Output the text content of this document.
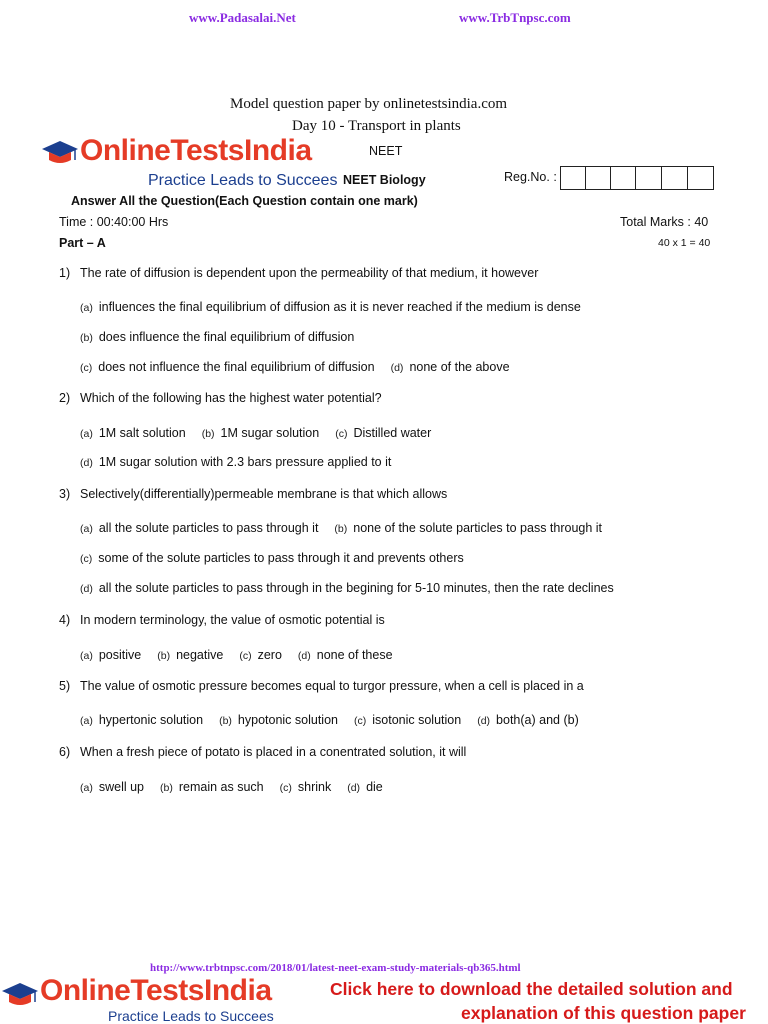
www.Padasalai.Net	www.TrbTnpsc.com
Model question paper by onlinetestsindia.com
Day 10 - Transport in plants
OnlineTestsIndia
Practice Leads to Succees
NEET
NEET Biology	Reg.No. :
Answer All the Question(Each Question contain one mark)
Time : 00:40:00 Hrs	Total Marks : 40
Part – A	40 x 1 = 40
1) The rate of diffusion is dependent upon the permeability of that medium, it however
(a) influences the final equilibrium of diffusion as it is never reached if the medium is dense
(b) does influence the final equilibrium of diffusion
(c) does not influence the final equilibrium of diffusion (d) none of the above
2) Which of the following has the highest water potential?
(a) 1M salt solution (b) 1M sugar solution (c) Distilled water
(d) 1M sugar solution with 2.3 bars pressure applied to it
3) Selectively(differentially)permeable membrane is that which allows
(a) all the solute particles to pass through it (b) none of the solute particles to pass through it
(c) some of the solute particles to pass through it and prevents others
(d) all the solute particles to pass through in the begining for 5-10 minutes, then the rate declines
4) In modern terminology, the value of osmotic potential is
(a) positive (b) negative (c) zero (d) none of these
5) The value of osmotic pressure becomes equal to turgor pressure, when a cell is placed in a
(a) hypertonic solution (b) hypotonic solution (c) isotonic solution (d) both(a) and (b)
6) When a fresh piece of potato is placed in a conentrated solution, it will
(a) swell up (b) remain as such (c) shrink (d) die
http://www.trbtnpsc.com/2018/01/latest-neet-exam-study-materials-qb365.html
OnlineTestsIndia
Practice Leads to Succees
Click here to download the detailed solution and
explanation of this question paper
